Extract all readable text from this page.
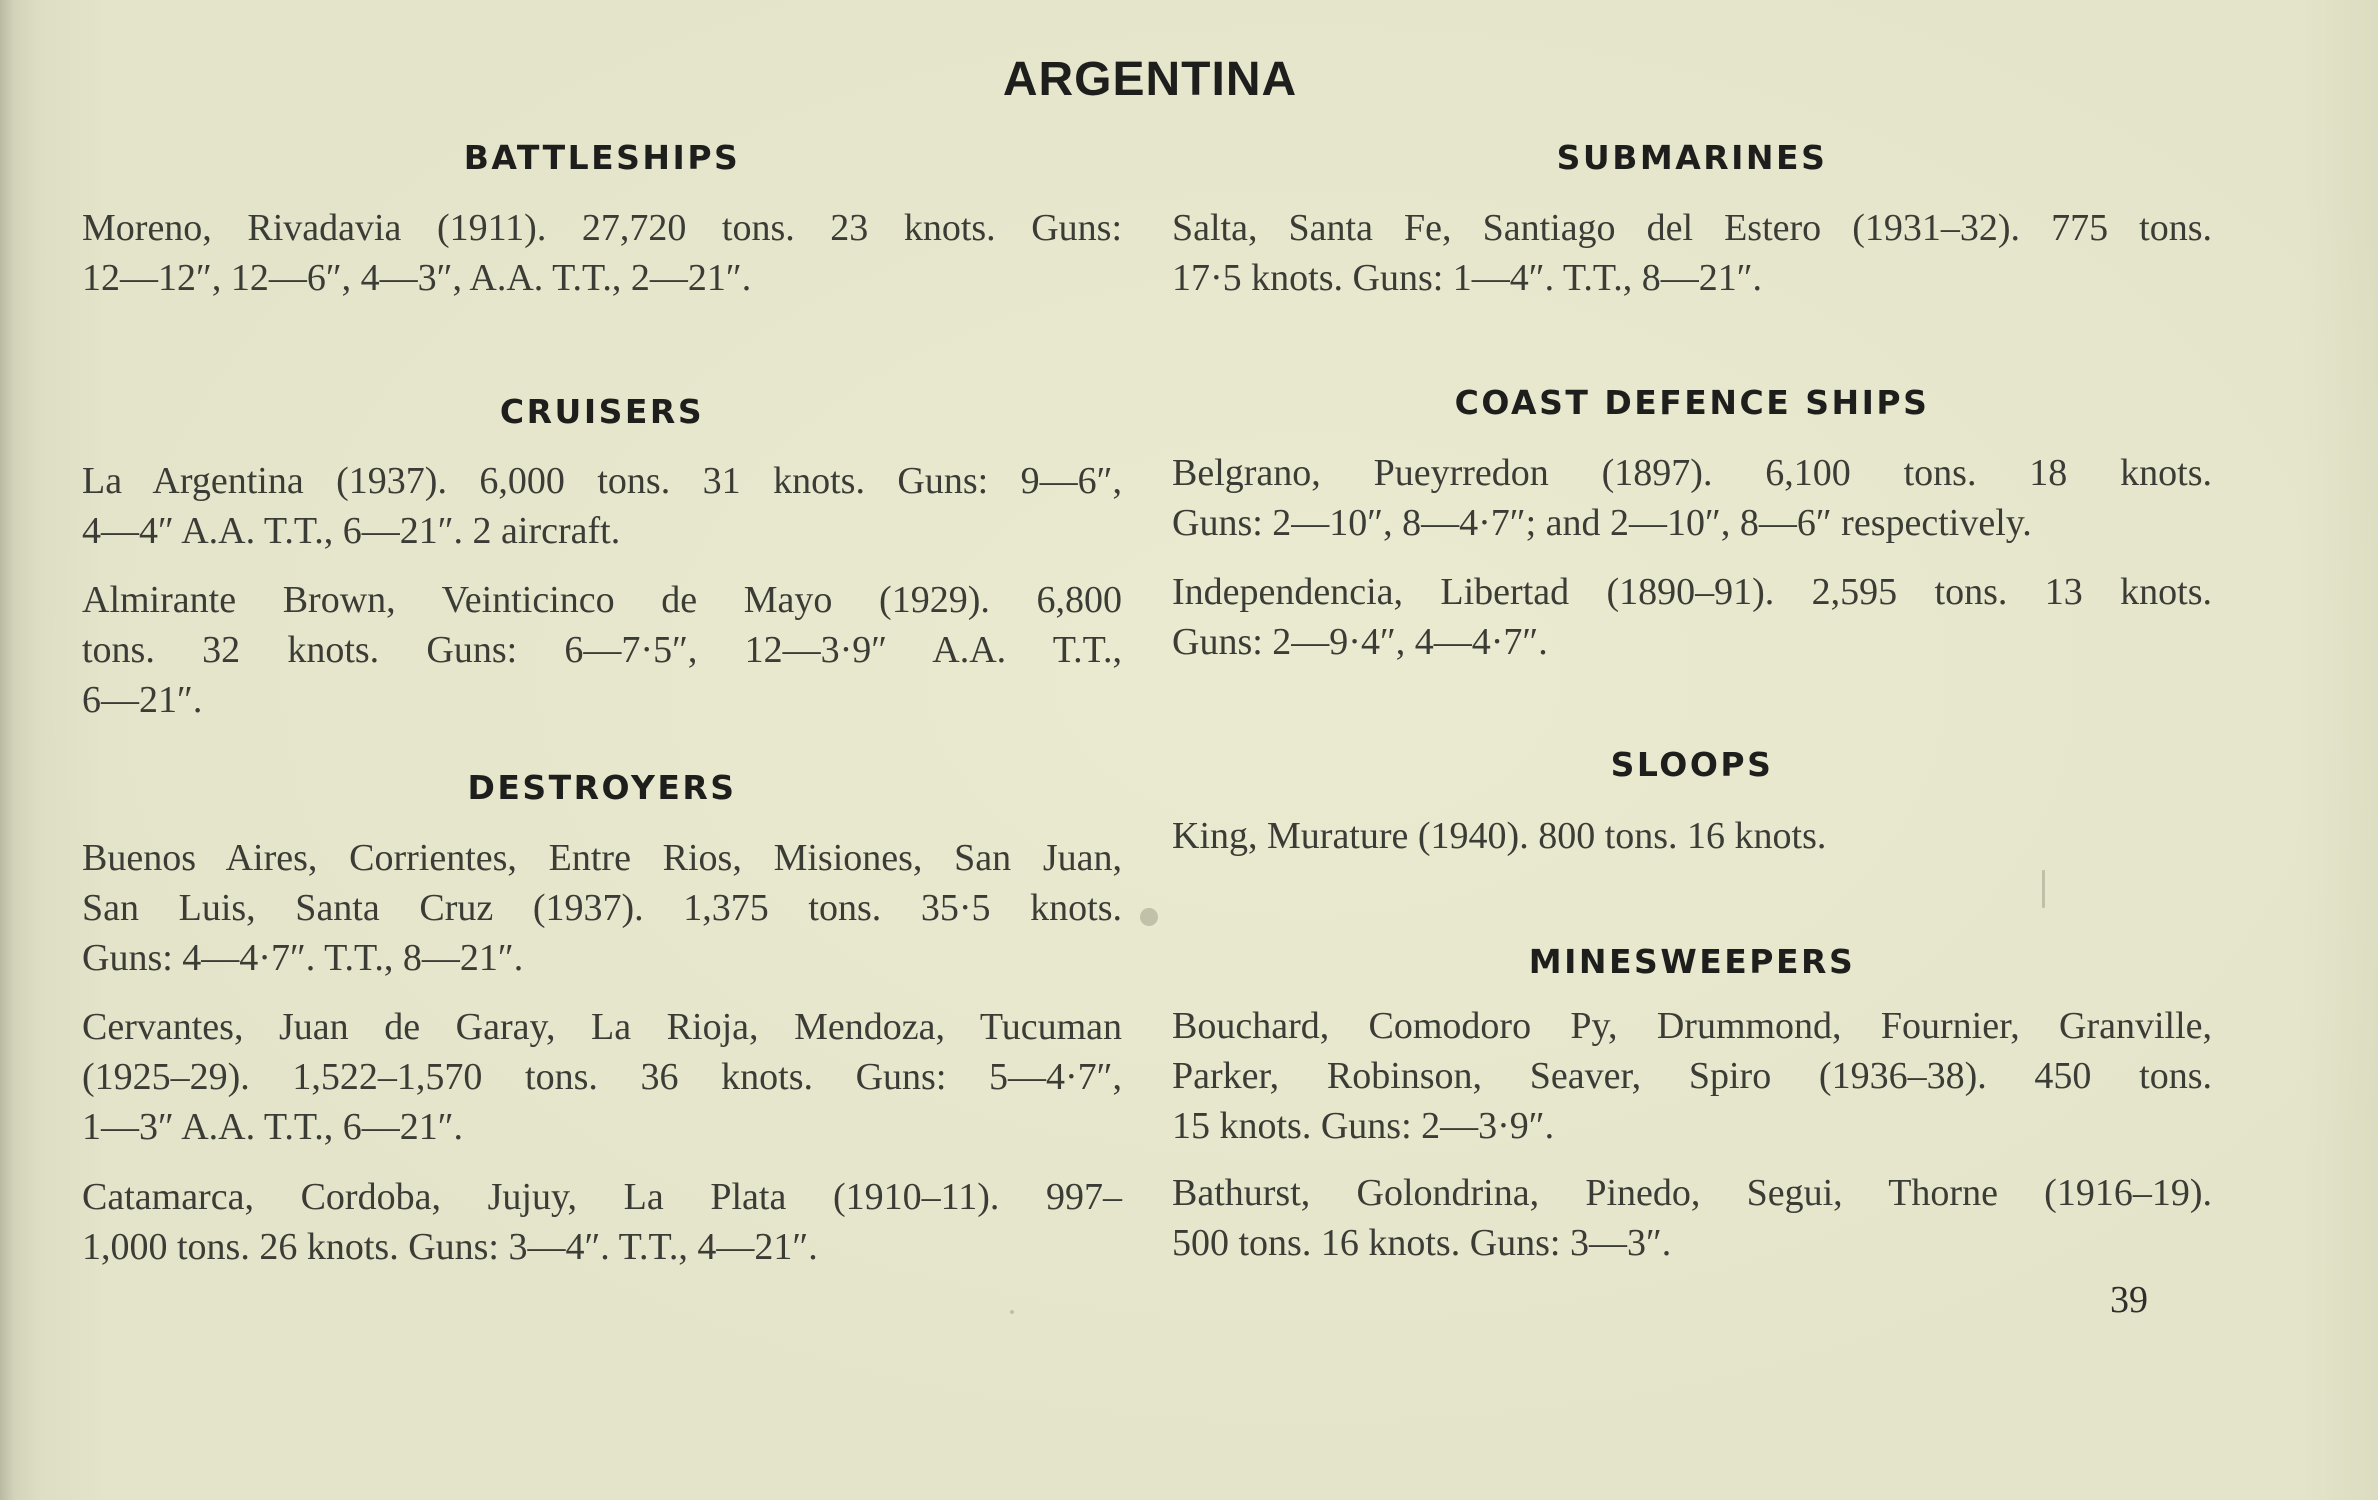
ARGENTINA
BATTLESHIPS

Moreno, Rivadavia (1911). 27,720 tons. 23 knots. Guns:
12—12″, 12—6″, 4—3″, A.A. T.T., 2—21″.

CRUISERS

La Argentina (1937). 6,000 tons. 31 knots. Guns: 9—6″,
4—4″ A.A. T.T., 6—21″. 2 aircraft.

Almirante Brown, Veinticinco de Mayo (1929). 6,800
tons. 32 knots. Guns: 6—7·5″, 12—3·9″ A.A. T.T.,
6—21″.

DESTROYERS

Buenos Aires, Corrientes, Entre Rios, Misiones, San Juan,
San Luis, Santa Cruz (1937). 1,375 tons. 35·5 knots.
Guns: 4—4·7″. T.T., 8—21″.

Cervantes, Juan de Garay, La Rioja, Mendoza, Tucuman
(1925–29). 1,522–1,570 tons. 36 knots. Guns: 5—4·7″,
1—3″ A.A. T.T., 6—21″.

Catamarca, Cordoba, Jujuy, La Plata (1910–11). 997–
1,000 tons. 26 knots. Guns: 3—4″. T.T., 4—21″.

SUBMARINES

Salta, Santa Fe, Santiago del Estero (1931–32). 775 tons.
17·5 knots. Guns: 1—4″. T.T., 8—21″.

COAST DEFENCE SHIPS

Belgrano, Pueyrredon (1897). 6,100 tons. 18 knots.
Guns: 2—10″, 8—4·7″; and 2—10″, 8—6″ respectively.

Independencia, Libertad (1890–91). 2,595 tons. 13 knots.
Guns: 2—9·4″, 4—4·7″.

SLOOPS

King, Murature (1940). 800 tons. 16 knots.

MINESWEEPERS

Bouchard, Comodoro Py, Drummond, Fournier, Granville,
Parker, Robinson, Seaver, Spiro (1936–38). 450 tons.
15 knots. Guns: 2—3·9″.

Bathurst, Golondrina, Pinedo, Segui, Thorne (1916–19).
500 tons. 16 knots. Guns: 3—3″.

39
